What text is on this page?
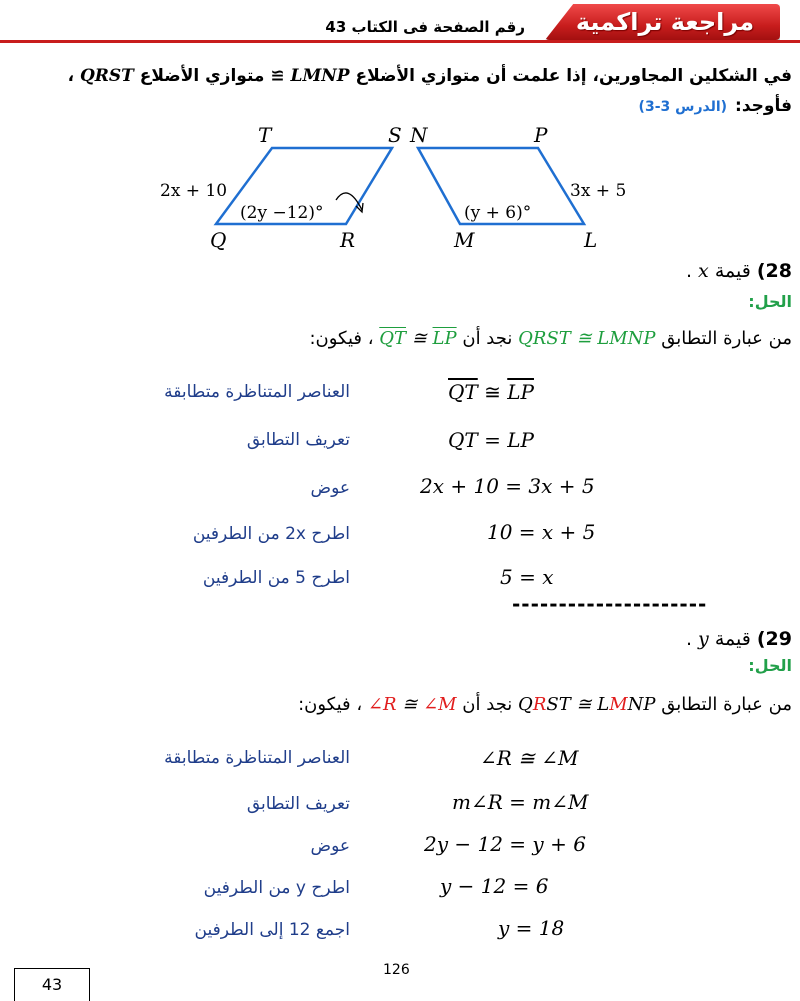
مراجعة تراكمية
رقم الصفحة فى الكتاب 43
في الشكلين المجاورين، إذا علمت أن متوازي الأضلاع LMNP ≅ متوازي الأضلاع QRST ،
فأوجد:(الدرس 3-3)
T	S
Q	R
2x + 10
(2y −12)°
N	P
M	L
3x + 5
(y + 6)°
28) قيمة x .
الحل:
من عبارة التطابق QRST ≅ LMNP نجد أن $\overline{QT}$ ≅ $\overline{LP}$ ، فيكون:
العناصر المتناظرة متطابقة	$\overline{QT}$ ≅ $\overline{LP}$
تعريف التطابق	QT = LP
عوض	2x + 10 = 3x + 5
اطرح 2x من الطرفين	10 = x + 5
اطرح 5 من الطرفين	5 = x
---------------------
29) قيمة y .
الحل:
من عبارة التطابق QRST ≅ LMNP نجد أن ∠R ≅ ∠M ، فيكون:
العناصر المتناظرة متطابقة	∠R ≅ ∠M
تعريف التطابق	m∠R = m∠M
عوض	2y − 12 = y + 6
اطرح y من الطرفين	y − 12 = 6
اجمع 12 إلى الطرفين	y = 18
126
43
